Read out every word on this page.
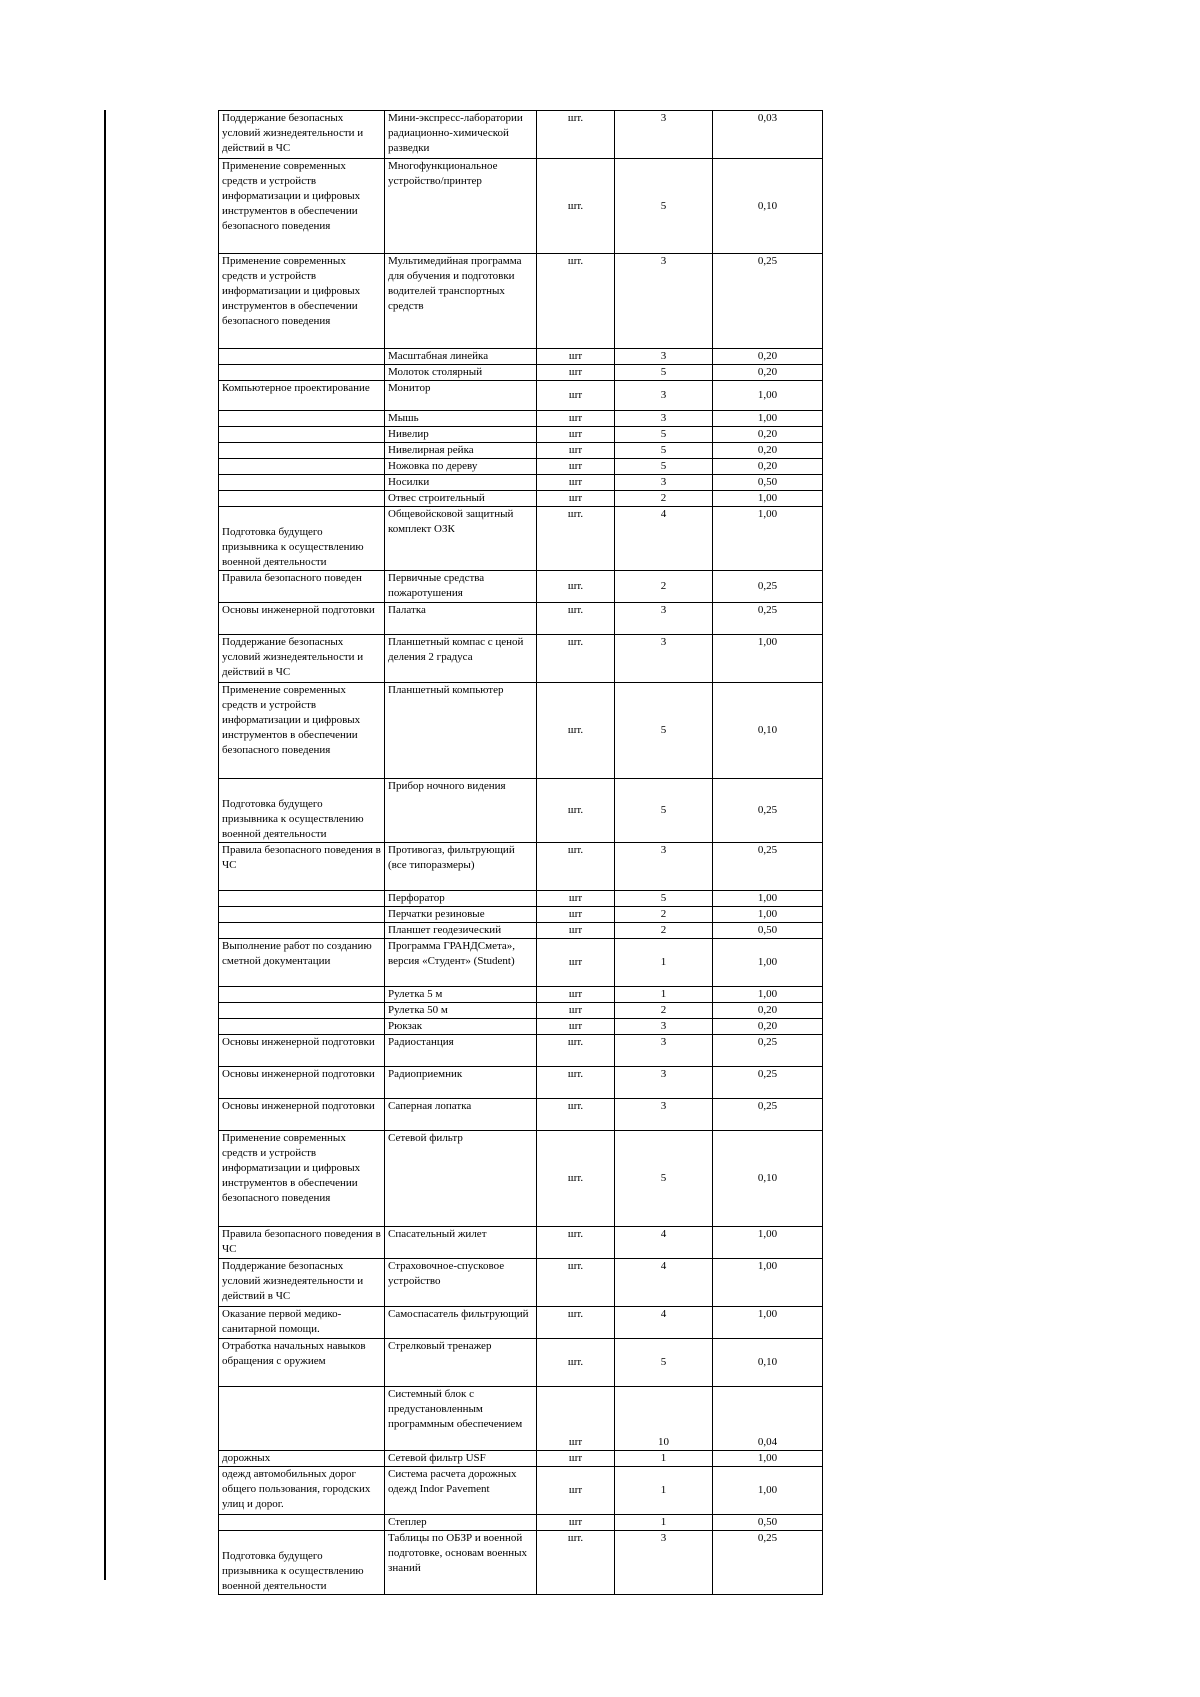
Поддержание безопасных условий жизнедеятельности и действий в ЧС	Мини-экспресс-лаборатории радиационно-химической разведки	шт.	3	0,03
Применение современных средств и устройств информатизации и цифровых инструментов в обеспечении безопасного поведения	Многофункциональное устройство/принтер	шт.	5	0,10
Применение современных средств и устройств информатизации и цифровых инструментов в обеспечении безопасного поведения	Мультимедийная программа для обучения и подготовки водителей транспортных средств	шт.	3	0,25
	Масштабная линейка	шт	3	0,20
	Молоток столярный	шт	5	0,20
Компьютерное проектирование	Монитор	шт	3	1,00
	Мышь	шт	3	1,00
	Нивелир	шт	5	0,20
	Нивелирная рейка	шт	5	0,20
	Ножовка по дереву	шт	5	0,20
	Носилки	шт	3	0,50
	Отвес строительный	шт	2	1,00
Подготовка будущего призывника к осуществлению военной деятельности	Общевойсковой защитный комплект ОЗК	шт.	4	1,00
Правила безопасного поведен	Первичные средства пожаротушения	шт.	2	0,25
Основы инженерной подготовки	Палатка	шт.	3	0,25
Поддержание безопасных условий жизнедеятельности и действий в ЧС	Планшетный компас с ценой деления 2 градуса	шт.	3	1,00
Применение современных средств и устройств информатизации и цифровых инструментов в обеспечении безопасного поведения	Планшетный компьютер	шт.	5	0,10
Подготовка будущего призывника к осуществлению военной деятельности	Прибор ночного видения	шт.	5	0,25
Правила безопасного поведения в ЧС	Противогаз, фильтрующий (все типоразмеры)	шт.	3	0,25
	Перфоратор	шт	5	1,00
	Перчатки резиновые	шт	2	1,00
	Планшет геодезический	шт	2	0,50
Выполнение работ по созданию сметной документации	Программа ГРАНДСмета», версия «Студент» (Student)	шт	1	1,00
	Рулетка 5 м	шт	1	1,00
	Рулетка 50 м	шт	2	0,20
	Рюкзак	шт	3	0,20
Основы инженерной подготовки	Радиостанция	шт.	3	0,25
Основы инженерной подготовки	Радиоприемник	шт.	3	0,25
Основы инженерной подготовки	Саперная лопатка	шт.	3	0,25
Применение современных средств и устройств информатизации и цифровых инструментов в обеспечении безопасного поведения	Сетевой фильтр	шт.	5	0,10
Правила безопасного поведения в ЧС	Спасательный жилет	шт.	4	1,00
Поддержание безопасных условий жизнедеятельности и действий в ЧС	Страховочное-спусковое устройство	шт.	4	1,00
Оказание первой медико-санитарной помощи.	Самоспасатель фильтрующий	шт.	4	1,00
Отработка начальных навыков обращения с оружием	Стрелковый тренажер	шт.	5	0,10
	Системный блок с предустановленным программным обеспечением	шт	10	0,04
дорожных	Сетевой фильтр USF	шт	1	1,00
одежд автомобильных дорог общего пользования, городских улиц и дорог.	Система расчета дорожных одежд Indor Pavement	шт	1	1,00
	Степлер	шт	1	0,50
Подготовка будущего призывника к осуществлению военной деятельности	Таблицы по ОБЗР и военной подготовке, основам военных знаний	шт.	3	0,25
